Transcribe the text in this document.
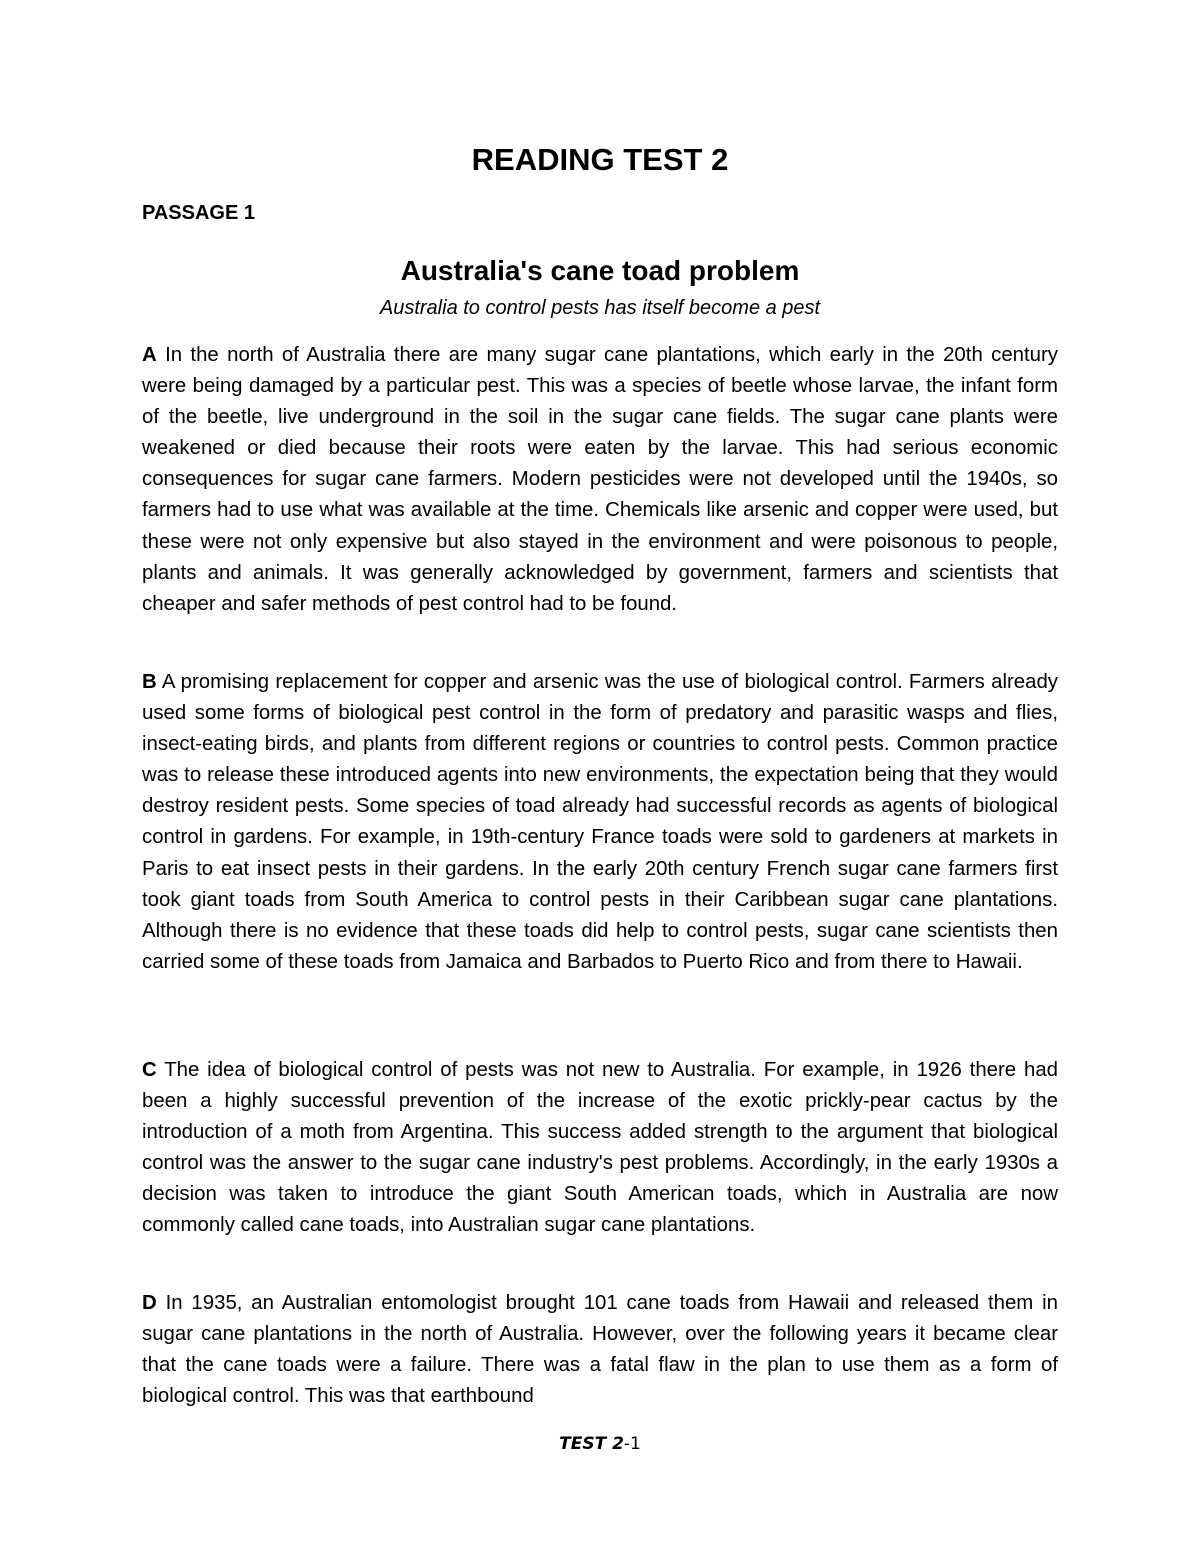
READING TEST 2
PASSAGE 1
Australia's cane toad problem
Australia to control pests has itself become a pest

A In the north of Australia there are many sugar cane plantations, which early in the 20th century were being damaged by a particular pest. This was a species of beetle whose larvae, the infant form of the beetle, live underground in the soil in the sugar cane fields. The sugar cane plants were weakened or died because their roots were eaten by the larvae. This had serious economic consequences for sugar cane farmers. Modern pesticides were not developed until the 1940s, so farmers had to use what was available at the time. Chemicals like arsenic and copper were used, but these were not only expensive but also stayed in the environment and were poisonous to people, plants and animals. It was generally acknowledged by government, farmers and scientists that cheaper and safer methods of pest control had to be found.

B A promising replacement for copper and arsenic was the use of biological control. Farmers already used some forms of biological pest control in the form of predatory and parasitic wasps and flies, insect-eating birds, and plants from different regions or countries to control pests. Common practice was to release these introduced agents into new environments, the expectation being that they would destroy resident pests. Some species of toad already had successful records as agents of biological control in gardens. For example, in 19th-century France toads were sold to gardeners at markets in Paris to eat insect pests in their gardens. In the early 20th century French sugar cane farmers first took giant toads from South America to control pests in their Caribbean sugar cane plantations. Although there is no evidence that these toads did help to control pests, sugar cane scientists then carried some of these toads from Jamaica and Barbados to Puerto Rico and from there to Hawaii.

C The idea of biological control of pests was not new to Australia. For example, in 1926 there had been a highly successful prevention of the increase of the exotic prickly-pear cactus by the introduction of a moth from Argentina. This success added strength to the argument that biological control was the answer to the sugar cane industry's pest problems. Accordingly, in the early 1930s a decision was taken to introduce the giant South American toads, which in Australia are now commonly called cane toads, into Australian sugar cane plantations.

D In 1935, an Australian entomologist brought 101 cane toads from Hawaii and released them in sugar cane plantations in the north of Australia. However, over the following years it became clear that the cane toads were a failure. There was a fatal flaw in the plan to use them as a form of biological control. This was that earthbound

TEST 2-1
